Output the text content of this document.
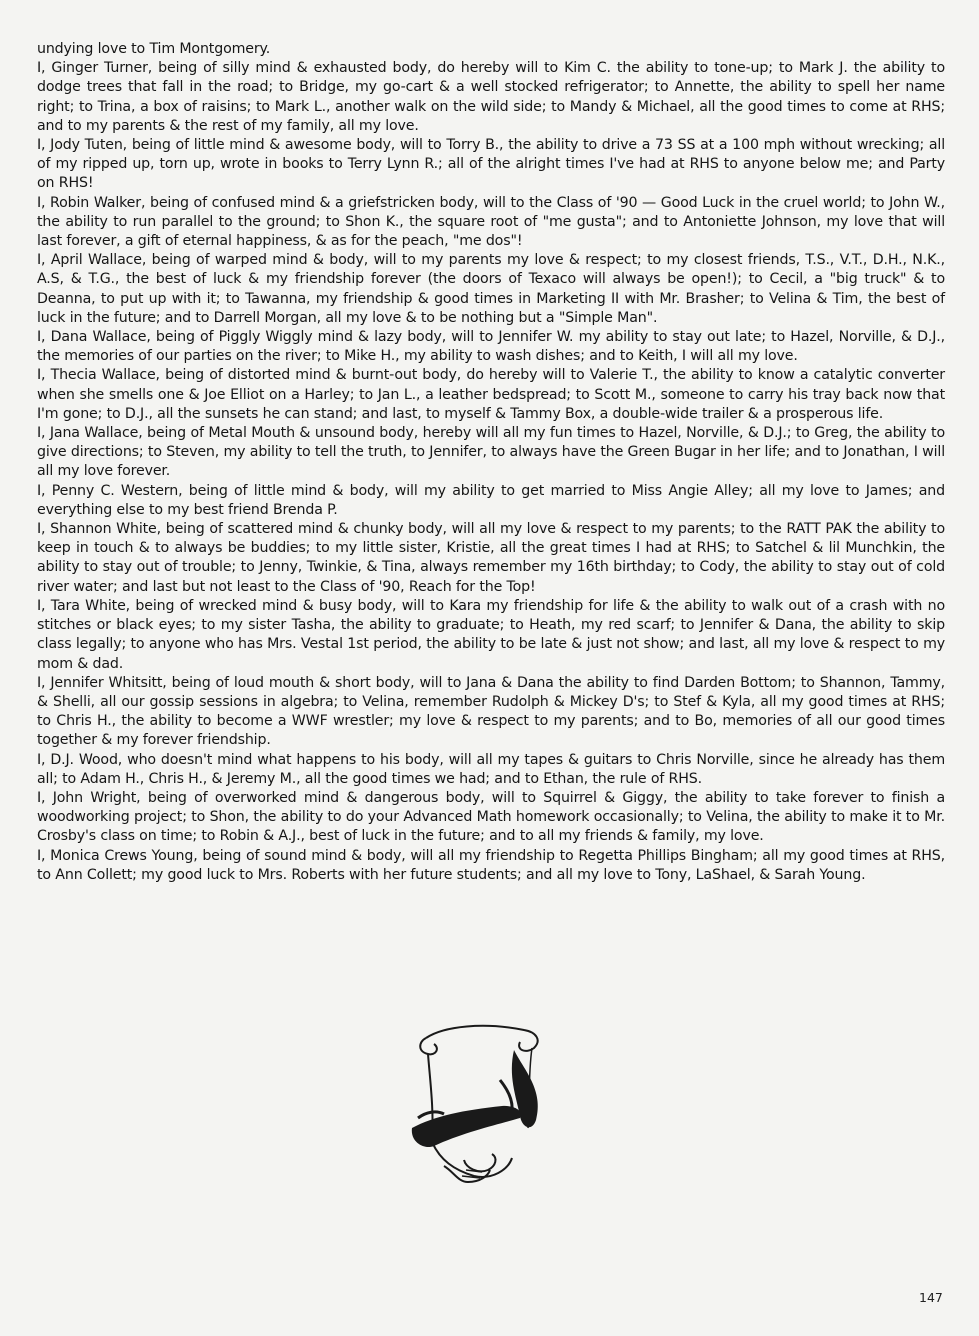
undying love to Tim Montgomery.

I, Ginger Turner, being of silly mind & exhausted body, do hereby will to Kim C. the ability to tone-up; to Mark J. the ability to dodge trees that fall in the road; to Bridge, my go-cart & a well stocked refrigerator; to Annette, the ability to spell her name right; to Trina, a box of raisins; to Mark L., another walk on the wild side; to Mandy & Michael, all the good times to come at RHS; and to my parents & the rest of my family, all my love.

I, Jody Tuten, being of little mind & awesome body, will to Torry B., the ability to drive a 73 SS at a 100 mph without wrecking; all of my ripped up, torn up, wrote in books to Terry Lynn R.; all of the alright times I've had at RHS to anyone below me; and Party on RHS!

I, Robin Walker, being of confused mind & a griefstricken body, will to the Class of '90 — Good Luck in the cruel world; to John W., the ability to run parallel to the ground; to Shon K., the square root of "me gusta"; and to Antoniette Johnson, my love that will last forever, a gift of eternal happiness, & as for the peach, "me dos"!

I, April Wallace, being of warped mind & body, will to my parents my love & respect; to my closest friends, T.S., V.T., D.H., N.K., A.S, & T.G., the best of luck & my friendship forever (the doors of Texaco will always be open!); to Cecil, a "big truck" & to Deanna, to put up with it; to Tawanna, my friendship & good times in Marketing II with Mr. Brasher; to Velina & Tim, the best of luck in the future; and to Darrell Morgan, all my love & to be nothing but a "Simple Man".

I, Dana Wallace, being of Piggly Wiggly mind & lazy body, will to Jennifer W. my ability to stay out late; to Hazel, Norville, & D.J., the memories of our parties on the river; to Mike H., my ability to wash dishes; and to Keith, I will all my love.

I, Thecia Wallace, being of distorted mind & burnt-out body, do hereby will to Valerie T., the ability to know a catalytic converter when she smells one & Joe Elliot on a Harley; to Jan L., a leather bedspread; to Scott M., someone to carry his tray back now that I'm gone; to D.J., all the sunsets he can stand; and last, to myself & Tammy Box, a double-wide trailer & a prosperous life.

I, Jana Wallace, being of Metal Mouth & unsound body, hereby will all my fun times to Hazel, Norville, & D.J.; to Greg, the ability to give directions; to Steven, my ability to tell the truth, to Jennifer, to always have the Green Bugar in her life; and to Jonathan, I will all my love forever.

I, Penny C. Western, being of little mind & body, will my ability to get married to Miss Angie Alley; all my love to James; and everything else to my best friend Brenda P.

I, Shannon White, being of scattered mind & chunky body, will all my love & respect to my parents; to the RATT PAK the ability to keep in touch & to always be buddies; to my little sister, Kristie, all the great times I had at RHS; to Satchel & lil Munchkin, the ability to stay out of trouble; to Jenny, Twinkie, & Tina, always remember my 16th birthday; to Cody, the ability to stay out of cold river water; and last but not least to the Class of '90, Reach for the Top!

I, Tara White, being of wrecked mind & busy body, will to Kara my friendship for life & the ability to walk out of a crash with no stitches or black eyes; to my sister Tasha, the ability to graduate; to Heath, my red scarf; to Jennifer & Dana, the ability to skip class legally; to anyone who has Mrs. Vestal 1st period, the ability to be late & just not show; and last, all my love & respect to my mom & dad.

I, Jennifer Whitsitt, being of loud mouth & short body, will to Jana & Dana the ability to find Darden Bottom; to Shannon, Tammy, & Shelli, all our gossip sessions in algebra; to Velina, remember Rudolph & Mickey D's; to Stef & Kyla, all my good times at RHS; to Chris H., the ability to become a WWF wrestler; my love & respect to my parents; and to Bo, memories of all our good times together & my forever friendship.

I, D.J. Wood, who doesn't mind what happens to his body, will all my tapes & guitars to Chris Norville, since he already has them all; to Adam H., Chris H., & Jeremy M., all the good times we had; and to Ethan, the rule of RHS.

I, John Wright, being of overworked mind & dangerous body, will to Squirrel & Giggy, the ability to take forever to finish a woodworking project; to Shon, the ability to do your Advanced Math homework occasionally; to Velina, the ability to make it to Mr. Crosby's class on time; to Robin & A.J., best of luck in the future; and to all my friends & family, my love.

I, Monica Crews Young, being of sound mind & body, will all my friendship to Regetta Phillips Bingham; all my good times at RHS, to Ann Collett; my good luck to Mrs. Roberts with her future students; and all my love to Tony, LaShael, & Sarah Young.

147
